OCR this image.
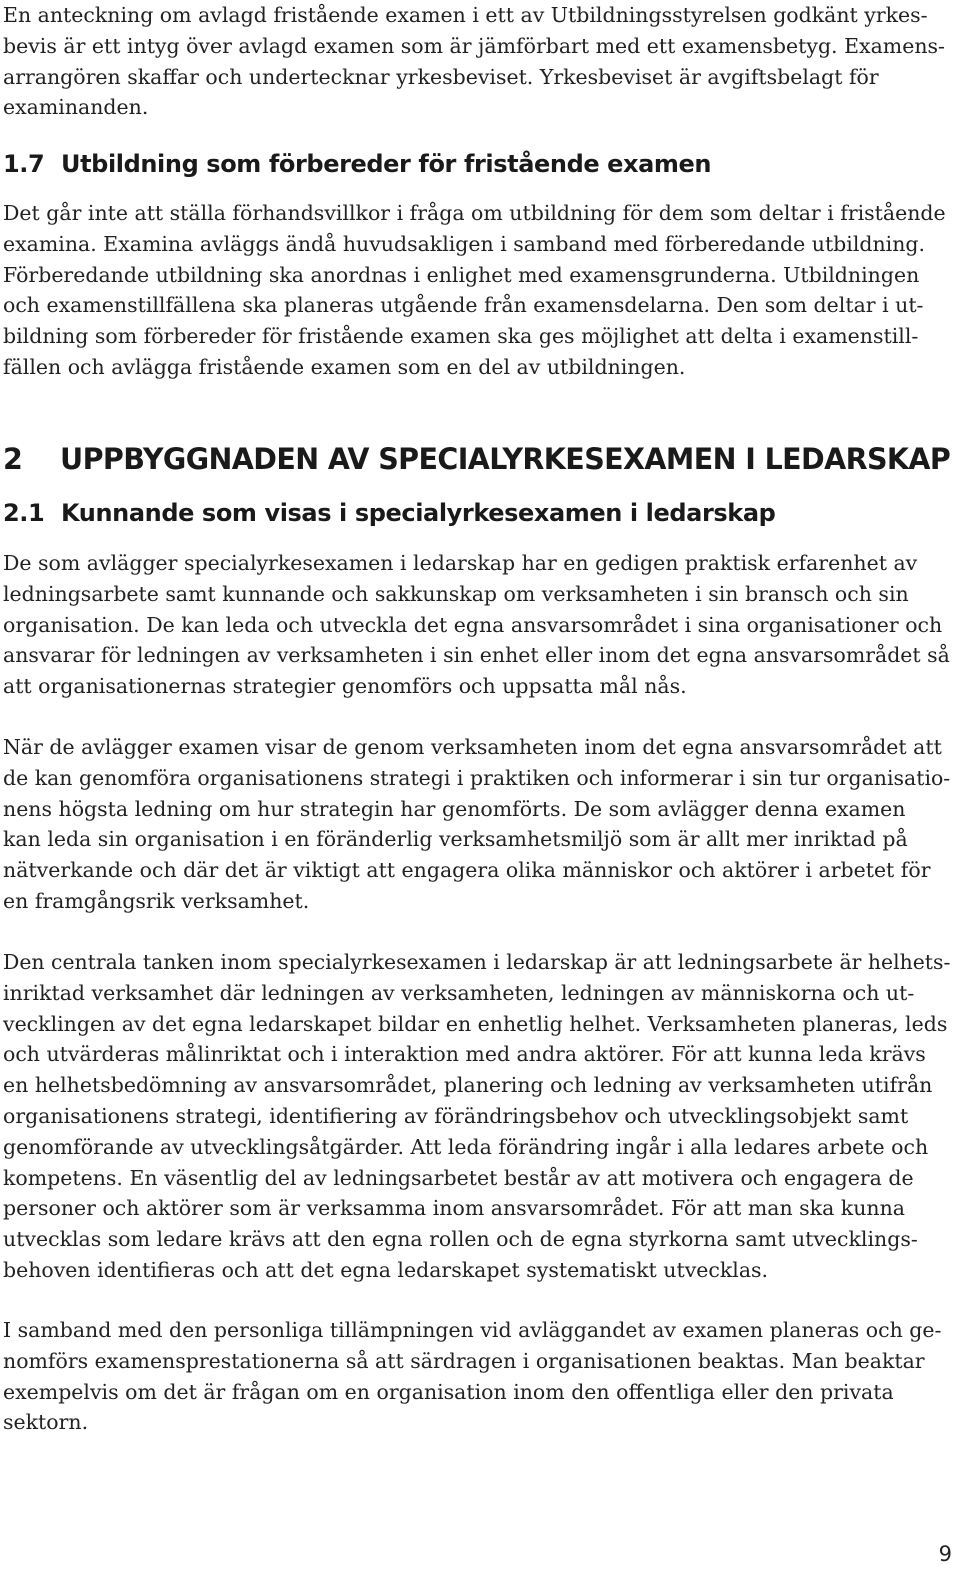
En anteckning om avlagd fristående examen i ett av Utbildningsstyrelsen godkänt yrkes-
bevis är ett intyg över avlagd examen som är jämförbart med ett examensbetyg. Examens-
arrangören skaffar och undertecknar yrkesbeviset. Yrkesbeviset är avgiftsbelagt för
examinanden.

1.7 Utbildning som förbereder för fristående examen

Det går inte att ställa förhandsvillkor i fråga om utbildning för dem som deltar i fristående
examina. Examina avläggs ändå huvudsakligen i samband med förberedande utbildning.
Förberedande utbildning ska anordnas i enlighet med examensgrunderna. Utbildningen
och examenstillfällena ska planeras utgående från examensdelarna. Den som deltar i ut-
bildning som förbereder för fristående examen ska ges möjlighet att delta i examenstill-
fällen och avlägga fristående examen som en del av utbildningen.

2 UPPBYGGNADEN AV SPECIALYRKESEXAMEN I LEDARSKAP
2.1 Kunnande som visas i specialyrkesexamen i ledarskap

De som avlägger specialyrkesexamen i ledarskap har en gedigen praktisk erfarenhet av
ledningsarbete samt kunnande och sakkunskap om verksamheten i sin bransch och sin
organisation. De kan leda och utveckla det egna ansvarsområdet i sina organisationer och
ansvarar för ledningen av verksamheten i sin enhet eller inom det egna ansvarsområdet så
att organisationernas strategier genomförs och uppsatta mål nås.

När de avlägger examen visar de genom verksamheten inom det egna ansvarsområdet att
de kan genomföra organisationens strategi i praktiken och informerar i sin tur organisatio-
nens högsta ledning om hur strategin har genomförts. De som avlägger denna examen
kan leda sin organisation i en föränderlig verksamhetsmiljö som är allt mer inriktad på
nätverkande och där det är viktigt att engagera olika människor och aktörer i arbetet för
en framgångsrik verksamhet.

Den centrala tanken inom specialyrkesexamen i ledarskap är att ledningsarbete är helhets-
inriktad verksamhet där ledningen av verksamheten, ledningen av människorna och ut-
vecklingen av det egna ledarskapet bildar en enhetlig helhet. Verksamheten planeras, leds
och utvärderas målinriktat och i interaktion med andra aktörer. För att kunna leda krävs
en helhetsbedömning av ansvarsområdet, planering och ledning av verksamheten utifrån
organisationens strategi, identifiering av förändringsbehov och utvecklingsobjekt samt
genomförande av utvecklingsåtgärder. Att leda förändring ingår i alla ledares arbete och
kompetens. En väsentlig del av ledningsarbetet består av att motivera och engagera de
personer och aktörer som är verksamma inom ansvarsområdet. För att man ska kunna
utvecklas som ledare krävs att den egna rollen och de egna styrkorna samt utvecklings-
behoven identifieras och att det egna ledarskapet systematiskt utvecklas.

I samband med den personliga tillämpningen vid avläggandet av examen planeras och ge-
nomförs examensprestationerna så att särdragen i organisationen beaktas. Man beaktar
exempelvis om det är frågan om en organisation inom den offentliga eller den privata
sektorn.

9
